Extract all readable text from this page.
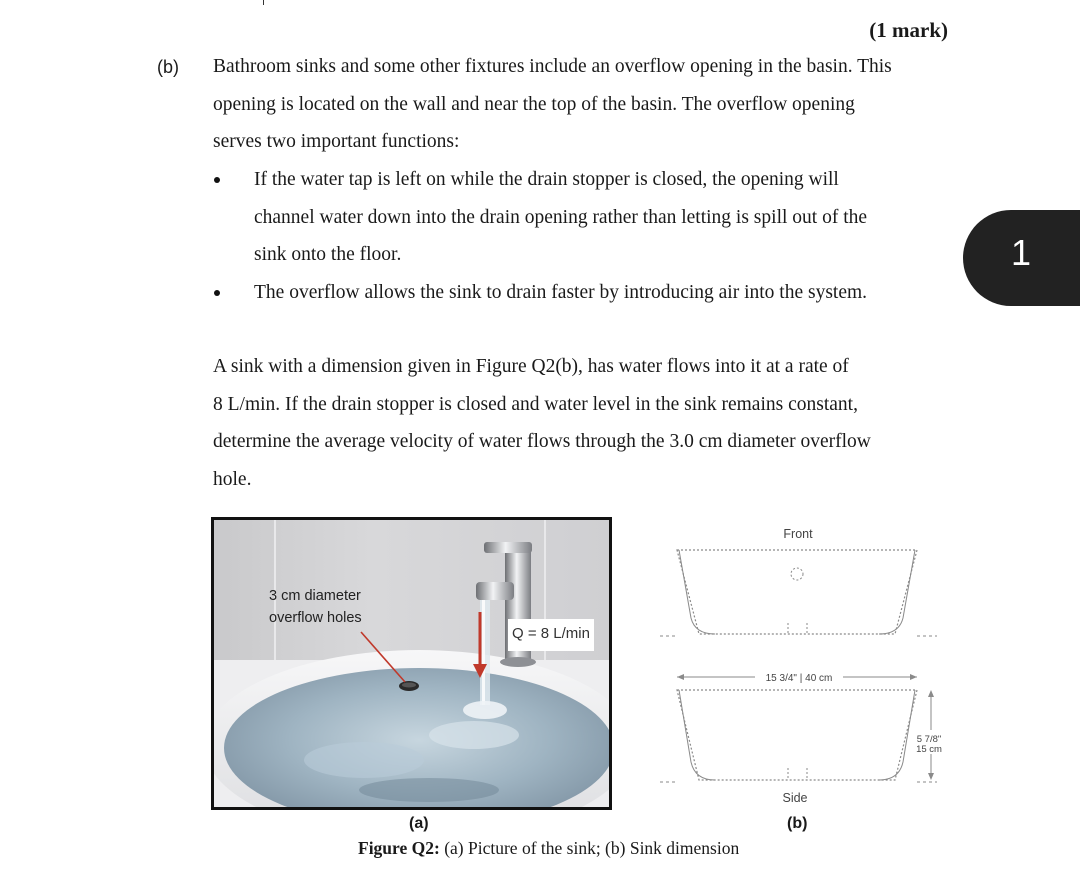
(1 mark)
(b) Bathroom sinks and some other fixtures include an overflow opening in the basin. This

opening is located on the wall and near the top of the basin. The overflow opening

serves two important functions:

If the water tap is left on while the drain stopper is closed, the opening will
channel water down into the drain opening rather than letting is spill out of the
sink onto the floor.
The overflow allows the sink to drain faster by introducing air into the system.

A sink with a dimension given in Figure Q2(b), has water flows into it at a rate of

8 L/min. If the drain stopper is closed and water level in the sink remains constant,

determine the average velocity of water flows through the 3.0 cm diameter overflow

hole.

1
3 cm diameter
overflow holes
Q = 8 L/min
Front
15 3/4" | 40 cm
5 7/8"
15 cm
Side
(a)	(b)
Figure Q2: (a) Picture of the sink; (b) Sink dimension
